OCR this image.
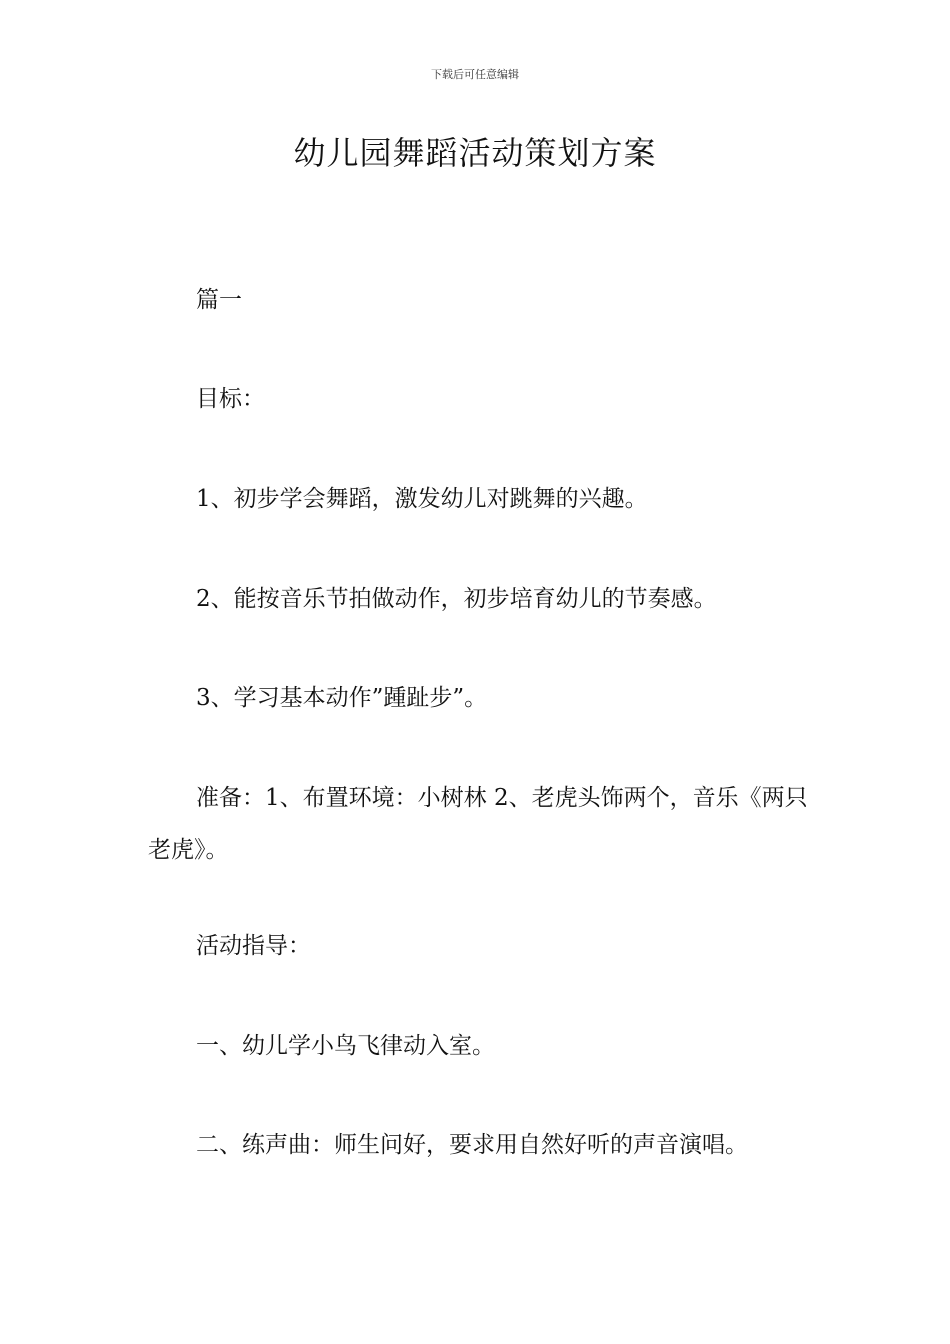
下载后可任意编辑
幼儿园舞蹈活动策划方案

篇一

目标：

1、初步学会舞蹈，激发幼儿对跳舞的兴趣。

2、能按音乐节拍做动作，初步培育幼儿的节奏感。

3、学习基本动作”踵趾步”。

准备：1、布置环境：小树林 2、老虎头饰两个，音乐《两只老虎》。

活动指导：

一、幼儿学小鸟飞律动入室。

二、练声曲：师生问好，要求用自然好听的声音演唱。
